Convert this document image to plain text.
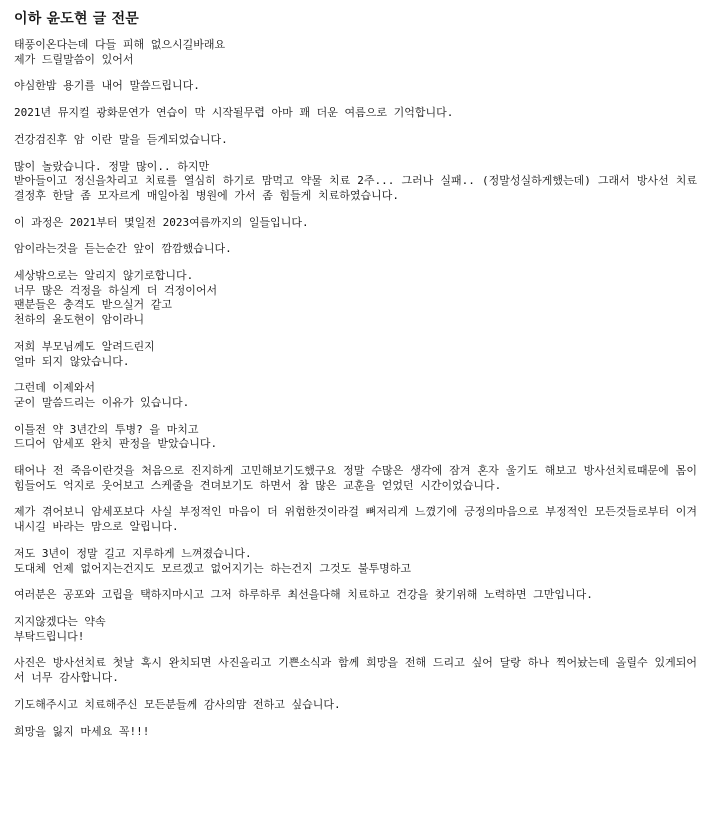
이하 윤도현 글 전문
태풍이온다는데 다들 피해 없으시길바래요
제가 드릴말씀이 있어서
야심한밤 용기를 내어 말씀드립니다.
2021년 뮤지컬 광화문연가 연습이 막 시작될무렵 아마 꽤 더운 여름으로 기억합니다.
건강검진후 암 이란 말을 듣게되었습니다.
많이 놀랐습니다. 정말 많이.. 하지만
받아들이고 정신을차리고 치료를 열심히 하기로 맘먹고 약물 치료 2주... 그러나 실패.. (정말성실하게했는데) 그래서 방사선 치료 결정후 한달 좀 모자르게 매일아침 병원에 가서 좀 힘들게 치료하였습니다.
이 과정은 2021부터 몇일전 2023여름까지의 일들입니다.
암이라는것을 듣는순간 앞이 깜깜했습니다.
세상밖으로는 알리지 않기로합니다.
너무 많은 걱정을 하실게 더 걱정이어서
팬분들은 충격도 받으실거 같고
천하의 윤도현이 암이라니
저희 부모님께도 알려드린지
얼마 되지 않았습니다.
그런데 이제와서
굳이 말씀드리는 이유가 있습니다.
이틀전 약 3년간의 투병? 을 마치고
드디어 암세포 완치 판정을 받았습니다.
태어나 전 죽음이란것을 처음으로 진지하게 고민해보기도했구요 정말 수많은 생각에 잠겨 혼자 울기도 해보고 방사선치료때문에 몸이 힘들어도 억지로 웃어보고 스케줄을 견뎌보기도 하면서 참 많은 교훈을 얻었던 시간이었습니다.
제가 겪어보니 암세포보다 사실 부정적인 마음이 더 위험한것이라걸 뼈저리게 느꼈기에 긍정의마음으로 부정적인 모든것들로부터 이겨내시길 바라는 맘으로 알립니다.
저도 3년이 정말 길고 지루하게 느껴졌습니다.
도대체 언제 없어지는건지도 모르겠고 없어지기는 하는건지 그것도 불투명하고
여러분은 공포와 고립을 택하지마시고 그저 하루하루 최선을다해 치료하고 건강을 찾기위해 노력하면 그만입니다.
지지않겠다는 약속
부탁드립니다!
사진은 방사선치료 첫날 혹시 완치되면 사진올리고 기쁜소식과 함께 희망을 전해 드리고 싶어 달랑 하나 찍어놨는데 올릴수 있게되어서 너무 감사합니다.
기도해주시고 치료해주신 모든분들께 감사의맘 전하고 싶습니다.
희망을 잃지 마세요 꼭!!!
